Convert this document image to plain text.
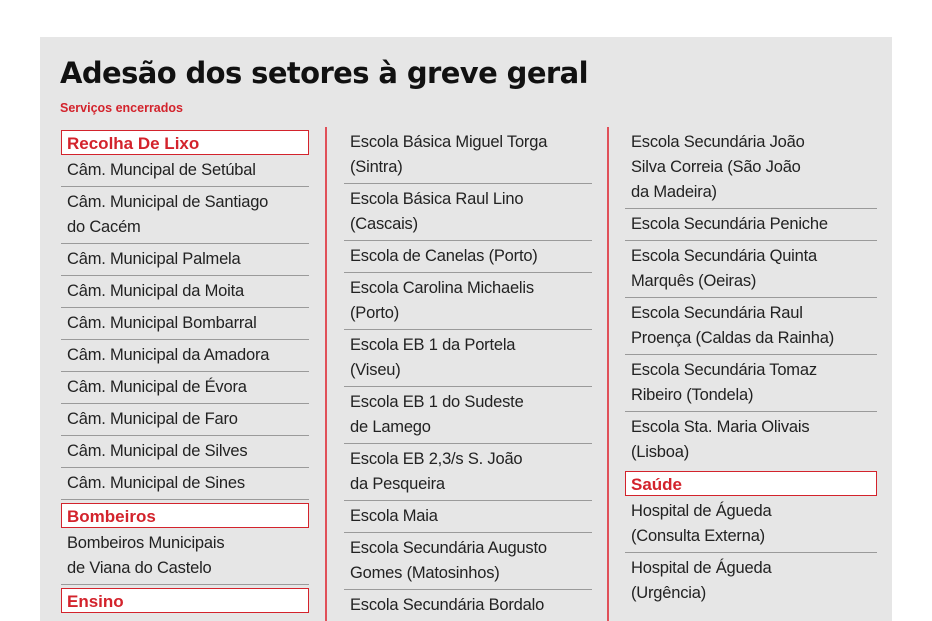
Adesão dos setores à greve geral

Serviços encerrados

Recolha De Lixo
Câm. Muncipal de Setúbal
Câm. Municipal de Santiago
do Cacém
Câm. Municipal Palmela
Câm. Municipal da Moita
Câm. Municipal Bombarral
Câm. Municipal da Amadora
Câm. Municipal de Évora
Câm. Municipal de Faro
Câm. Municipal de Silves
Câm. Municipal de Sines
Bombeiros
Bombeiros Municipais
de Viana do Castelo
Ensino
Escola Básica Miguel Torga
(Sintra)
Escola Básica Raul Lino
(Cascais)
Escola de Canelas (Porto)
Escola Carolina Michaelis
(Porto)
Escola EB 1 da Portela
(Viseu)
Escola EB 1 do Sudeste
de Lamego
Escola EB 2,3/s S. João
da Pesqueira
Escola Maia
Escola Secundária Augusto
Gomes (Matosinhos)
Escola Secundária Bordalo
Escola Secundária João
Silva Correia (São João
da Madeira)
Escola Secundária Peniche
Escola Secundária Quinta
Marquês (Oeiras)
Escola Secundária Raul
Proença (Caldas da Rainha)
Escola Secundária Tomaz
Ribeiro (Tondela)
Escola Sta. Maria Olivais
(Lisboa)
Saúde
Hospital de Águeda
(Consulta Externa)
Hospital de Águeda
(Urgência)
